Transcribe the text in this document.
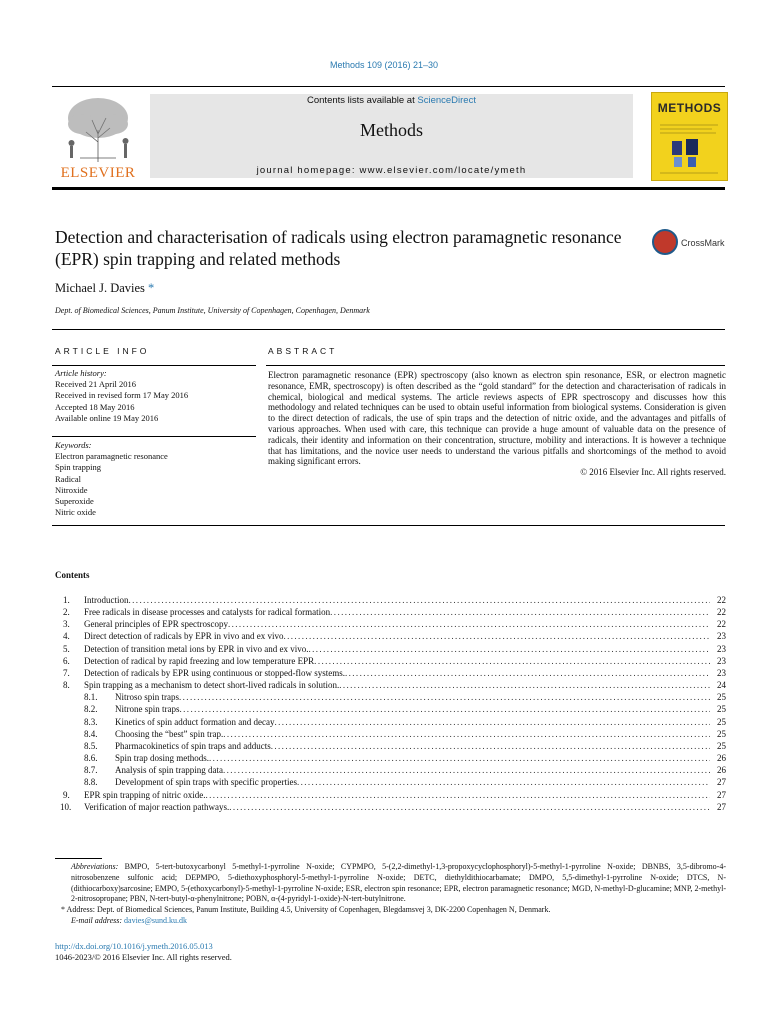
Methods 109 (2016) 21–30
ELSEVIER
Contents lists available at ScienceDirect
Methods
journal homepage: www.elsevier.com/locate/ymeth
METHODS
Detection and characterisation of radicals using electron paramagnetic resonance (EPR) spin trapping and related methods
CrossMark
Michael J. Davies *
Dept. of Biomedical Sciences, Panum Institute, University of Copenhagen, Copenhagen, Denmark
ARTICLE INFO
Article history:
Received 21 April 2016
Received in revised form 17 May 2016
Accepted 18 May 2016
Available online 19 May 2016
Keywords:
Electron paramagnetic resonance
Spin trapping
Radical
Nitroxide
Superoxide
Nitric oxide
ABSTRACT
Electron paramagnetic resonance (EPR) spectroscopy (also known as electron spin resonance, ESR, or electron magnetic resonance, EMR, spectroscopy) is often described as the “gold standard” for the detection and characterisation of radicals in chemical, biological and medical systems. The article reviews aspects of EPR spectroscopy and discusses how this methodology and related techniques can be used to obtain useful information from biological systems. Consideration is given to the direct detection of radicals, the use of spin traps and the detection of nitric oxide, and the advantages and pitfalls of various approaches. When used with care, this technique can provide a huge amount of valuable data on the presence of radicals, their identity and information on their concentration, structure, mobility and interactions. It is however a technique that has limitations, and the novice user needs to understand the various pitfalls and shortcomings of the method to avoid making significant errors.
© 2016 Elsevier Inc. All rights reserved.
Contents
1.	Introduction .....	22
2.	Free radicals in disease processes and catalysts for radical formation .....	22
3.	General principles of EPR spectroscopy .....	22
4.	Direct detection of radicals by EPR in vivo and ex vivo .....	23
5.	Detection of transition metal ions by EPR in vivo and ex vivo. .....	23
6.	Detection of radical by rapid freezing and low temperature EPR .....	23
7.	Detection of radicals by EPR using continuous or stopped-flow systems. .....	23
8.	Spin trapping as a mechanism to detect short-lived radicals in solution. .....	24
8.1.	Nitroso spin traps .....	25
8.2.	Nitrone spin traps .....	25
8.3.	Kinetics of spin adduct formation and decay .....	25
8.4.	Choosing the “best” spin trap. .....	25
8.5.	Pharmacokinetics of spin traps and adducts .....	25
8.6.	Spin trap dosing methods. .....	26
8.7.	Analysis of spin trapping data .....	26
8.8.	Development of spin traps with specific properties .....	27
9.	EPR spin trapping of nitric oxide. .....	27
10.	Verification of major reaction pathways. .....	27
Abbreviations: BMPO, 5-tert-butoxycarbonyl 5-methyl-1-pyrroline N-oxide; CYPMPO, 5-(2,2-dimethyl-1,3-propoxycyclophosphoryl)-5-methyl-1-pyrroline N-oxide; DBNBS, 3,5-dibromo-4-nitrosobenzene sulfonic acid; DEPMPO, 5-diethoxyphosphoryl-5-methyl-1-pyrroline N-oxide; DETC, diethyldithiocarbamate; DMPO, 5,5-dimethyl-1-pyrroline N-oxide; DTCS, N-(dithiocarboxy)sarcosine; EMPO, 5-(ethoxycarbonyl)-5-methyl-1-pyrroline N-oxide; ESR, electron spin resonance; EPR, electron paramagnetic resonance; MGD, N-methyl-D-glucamine; MNP, 2-methyl-2-nitrosopropane; PBN, N-tert-butyl-α-phenylnitrone; POBN, α-(4-pyridyl-1-oxide)-N-tert-butylnitrone.
* Address: Dept. of Biomedical Sciences, Panum Institute, Building 4.5, University of Copenhagen, Blegdamsvej 3, DK-2200 Copenhagen N, Denmark.
E-mail address: davies@sund.ku.dk
http://dx.doi.org/10.1016/j.ymeth.2016.05.013
1046-2023/© 2016 Elsevier Inc. All rights reserved.
